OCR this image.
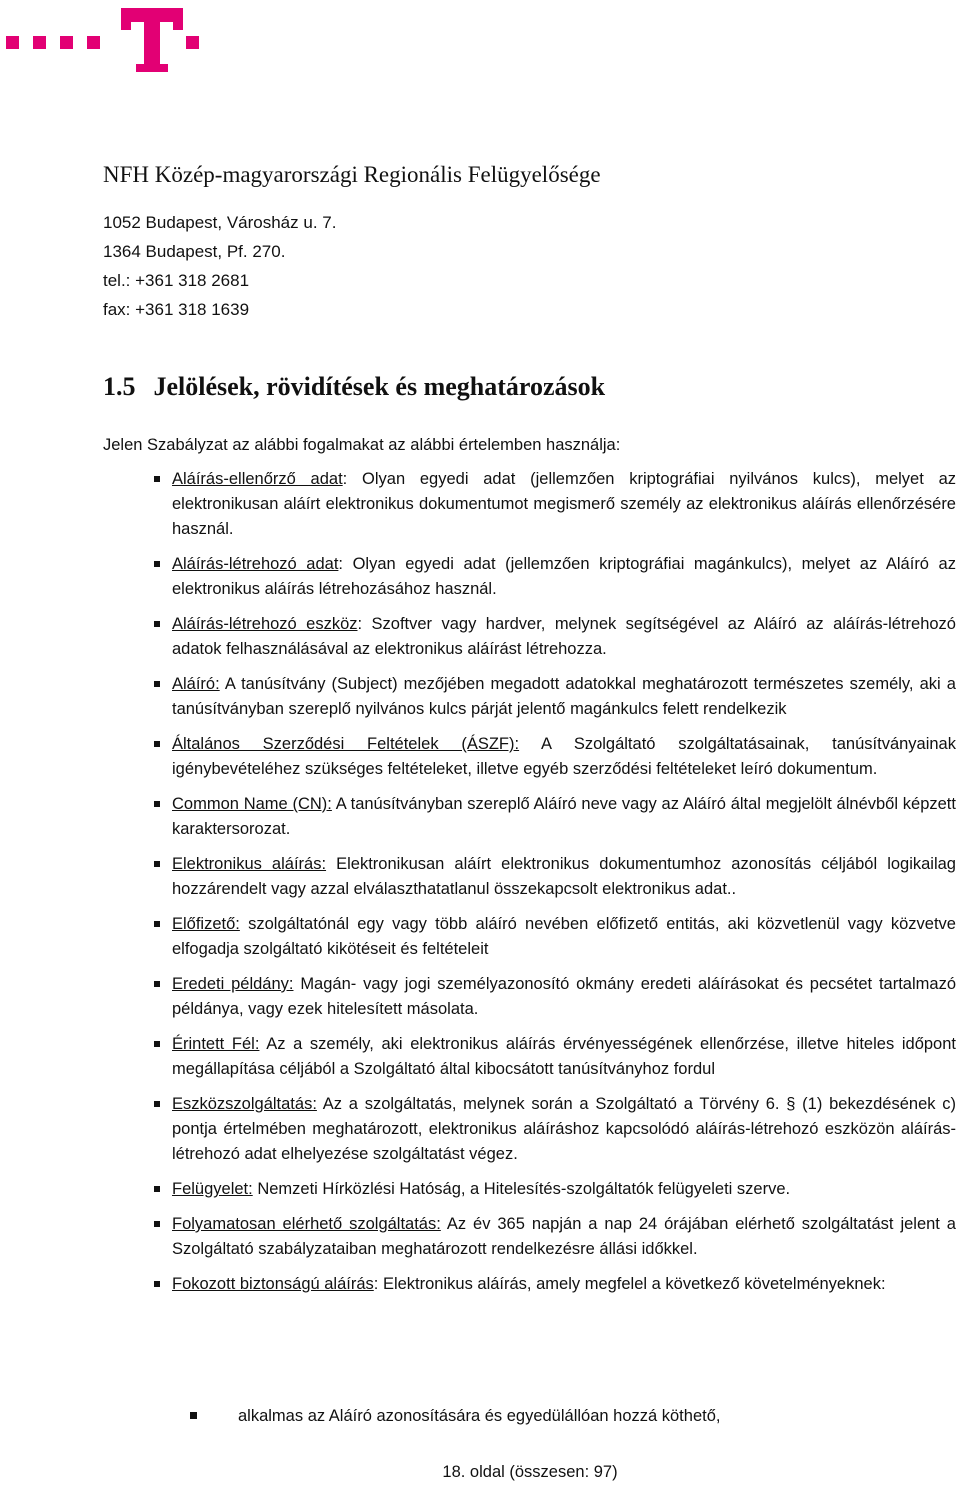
NFH Közép-magyarországi Regionális Felügyelősége

1052 Budapest, Városház u. 7.

1364 Budapest, Pf. 270.

tel.: +361 318 2681

fax: +361 318 1639

1.5 Jelölések, rövidítések és meghatározások

Jelen Szabályzat az alábbi fogalmakat az alábbi értelemben használja:

Aláírás-ellenőrző adat: Olyan egyedi adat (jellemzően kriptográfiai nyilvános kulcs), melyet az elektronikusan aláírt elektronikus dokumentumot megismerő személy az elektronikus aláírás ellenőrzésére használ.
Aláírás-létrehozó adat: Olyan egyedi adat (jellemzően kriptográfiai magánkulcs), melyet az Aláíró az elektronikus aláírás létrehozásához használ.
Aláírás-létrehozó eszköz: Szoftver vagy hardver, melynek segítségével az Aláíró az aláírás-létrehozó adatok felhasználásával az elektronikus aláírást létrehozza.
Aláíró: A tanúsítvány (Subject) mezőjében megadott adatokkal meghatározott természetes személy, aki a tanúsítványban szereplő nyilvános kulcs párját jelentő magánkulcs felett rendelkezik
Általános Szerződési Feltételek (ÁSZF): A Szolgáltató szolgáltatásainak, tanúsítványainak igénybevételéhez szükséges feltételeket, illetve egyéb szerződési feltételeket leíró dokumentum.
Common Name (CN): A tanúsítványban szereplő Aláíró neve vagy az Aláíró által megjelölt álnévből képzett karaktersorozat.
Elektronikus aláírás: Elektronikusan aláírt elektronikus dokumentumhoz azonosítás céljából logikailag hozzárendelt vagy azzal elválaszthatatlanul összekapcsolt elektronikus adat..
Előfizető: szolgáltatónál egy vagy több aláíró nevében előfizető entitás, aki közvetlenül vagy közvetve elfogadja szolgáltató kikötéseit és feltételeit
Eredeti példány: Magán- vagy jogi személyazonosító okmány eredeti aláírásokat és pecsétet tartalmazó példánya, vagy ezek hitelesített másolata.
Érintett Fél: Az a személy, aki elektronikus aláírás érvényességének ellenőrzése, illetve hiteles időpont megállapítása céljából a Szolgáltató által kibocsátott tanúsítványhoz fordul
Eszközszolgáltatás: Az a szolgáltatás, melynek során a Szolgáltató a Törvény 6. § (1) bekezdésének c) pontja értelmében meghatározott, elektronikus aláíráshoz kapcsolódó aláírás-létrehozó eszközön aláírás-létrehozó adat elhelyezése szolgáltatást végez.
Felügyelet: Nemzeti Hírközlési Hatóság, a Hitelesítés-szolgáltatók felügyeleti szerve.
Folyamatosan elérhető szolgáltatás: Az év 365 napján a nap 24 órájában elérhető szolgáltatást jelent a Szolgáltató szabályzataiban meghatározott rendelkezésre állási időkkel.
Fokozott biztonságú aláírás: Elektronikus aláírás, amely megfelel a következő követelményeknek:

alkalmas az Aláíró azonosítására és egyedülállóan hozzá köthető,

18. oldal (összesen: 97)
